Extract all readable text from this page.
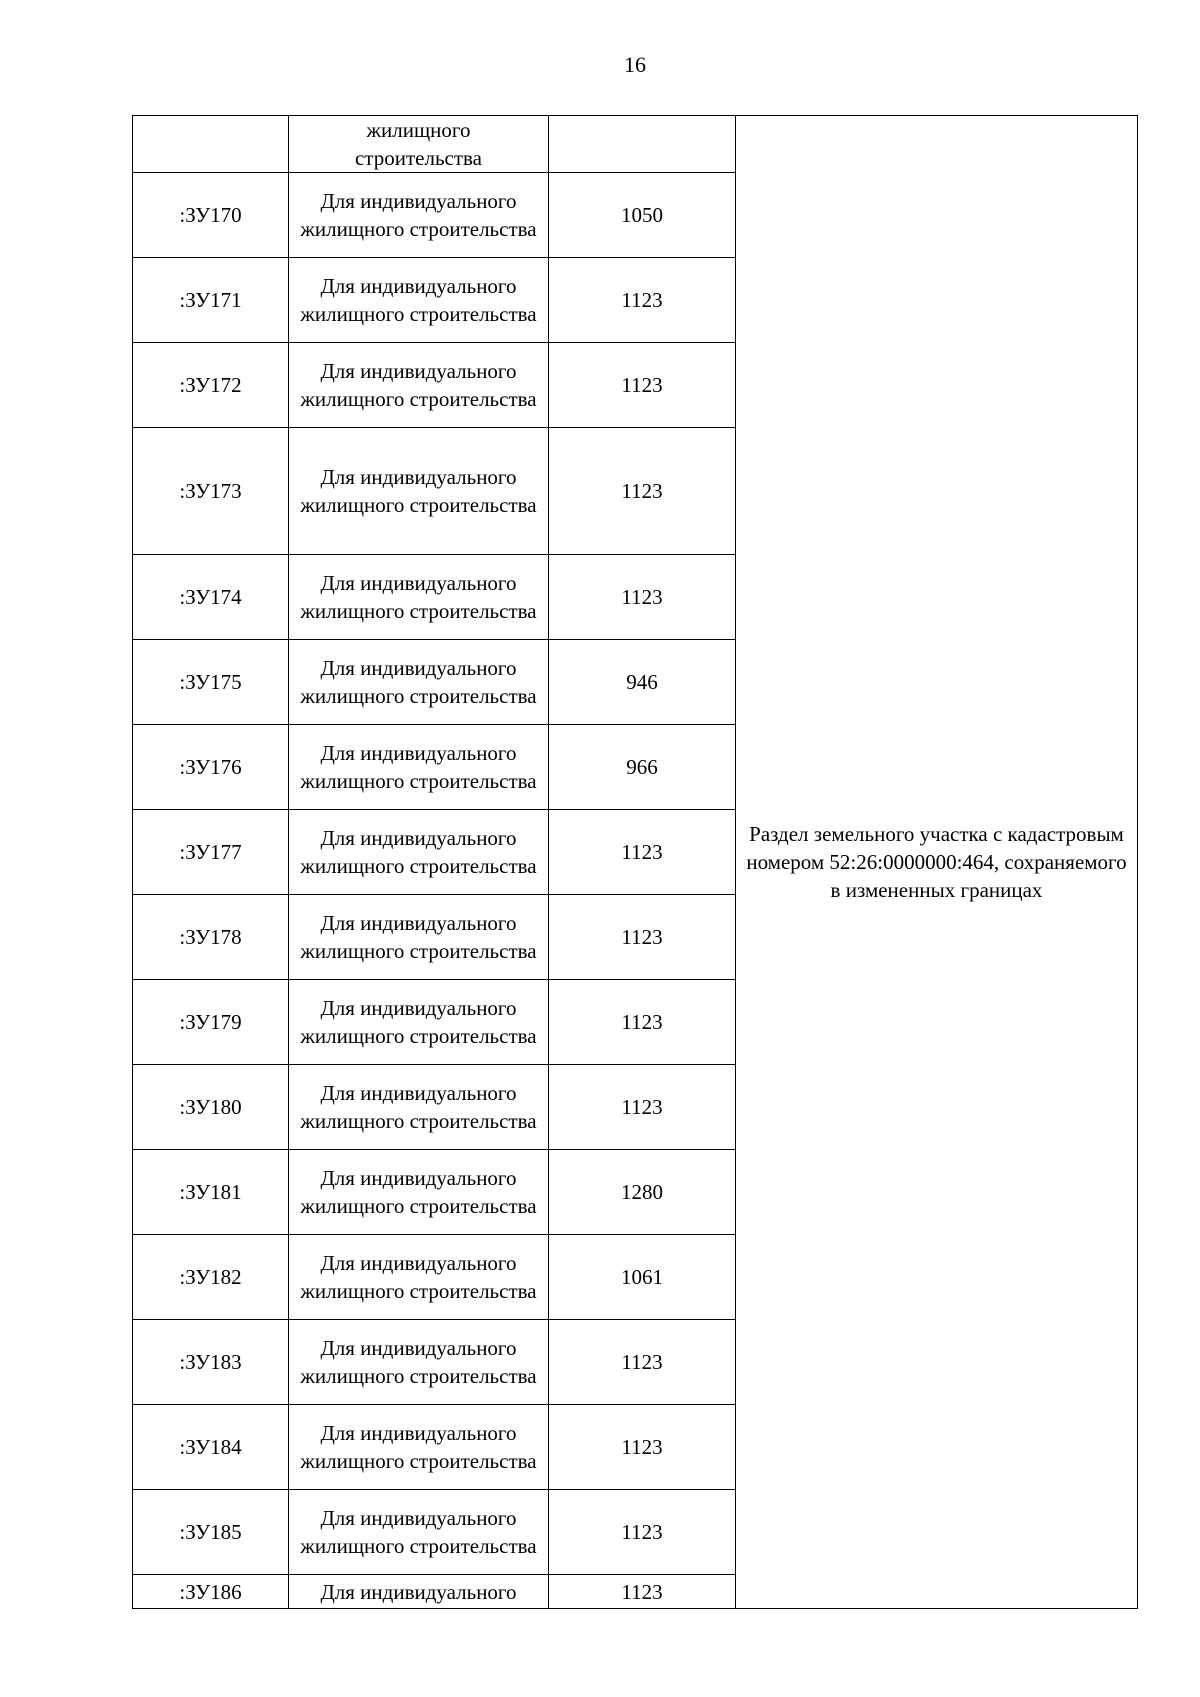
16
	жилищного
строительства		Раздел земельного участка с кадастровым номером 52:26:0000000:464, сохраняемого в измененных границах
:ЗУ170	Для индивидуального жилищного строительства	1050	
:ЗУ171	Для индивидуального жилищного строительства	1123	
:ЗУ172	Для индивидуального жилищного строительства	1123	
:ЗУ173	Для индивидуального жилищного строительства	1123	
:ЗУ174	Для индивидуального жилищного строительства	1123	
:ЗУ175	Для индивидуального жилищного строительства	946	
:ЗУ176	Для индивидуального жилищного строительства	966	
:ЗУ177	Для индивидуального жилищного строительства	1123	
:ЗУ178	Для индивидуального жилищного строительства	1123	
:ЗУ179	Для индивидуального жилищного строительства	1123	
:ЗУ180	Для индивидуального жилищного строительства	1123	
:ЗУ181	Для индивидуального жилищного строительства	1280	
:ЗУ182	Для индивидуального жилищного строительства	1061	
:ЗУ183	Для индивидуального жилищного строительства	1123	
:ЗУ184	Для индивидуального жилищного строительства	1123	
:ЗУ185	Для индивидуального жилищного строительства	1123	
:ЗУ186	Для индивидуального	1123	
